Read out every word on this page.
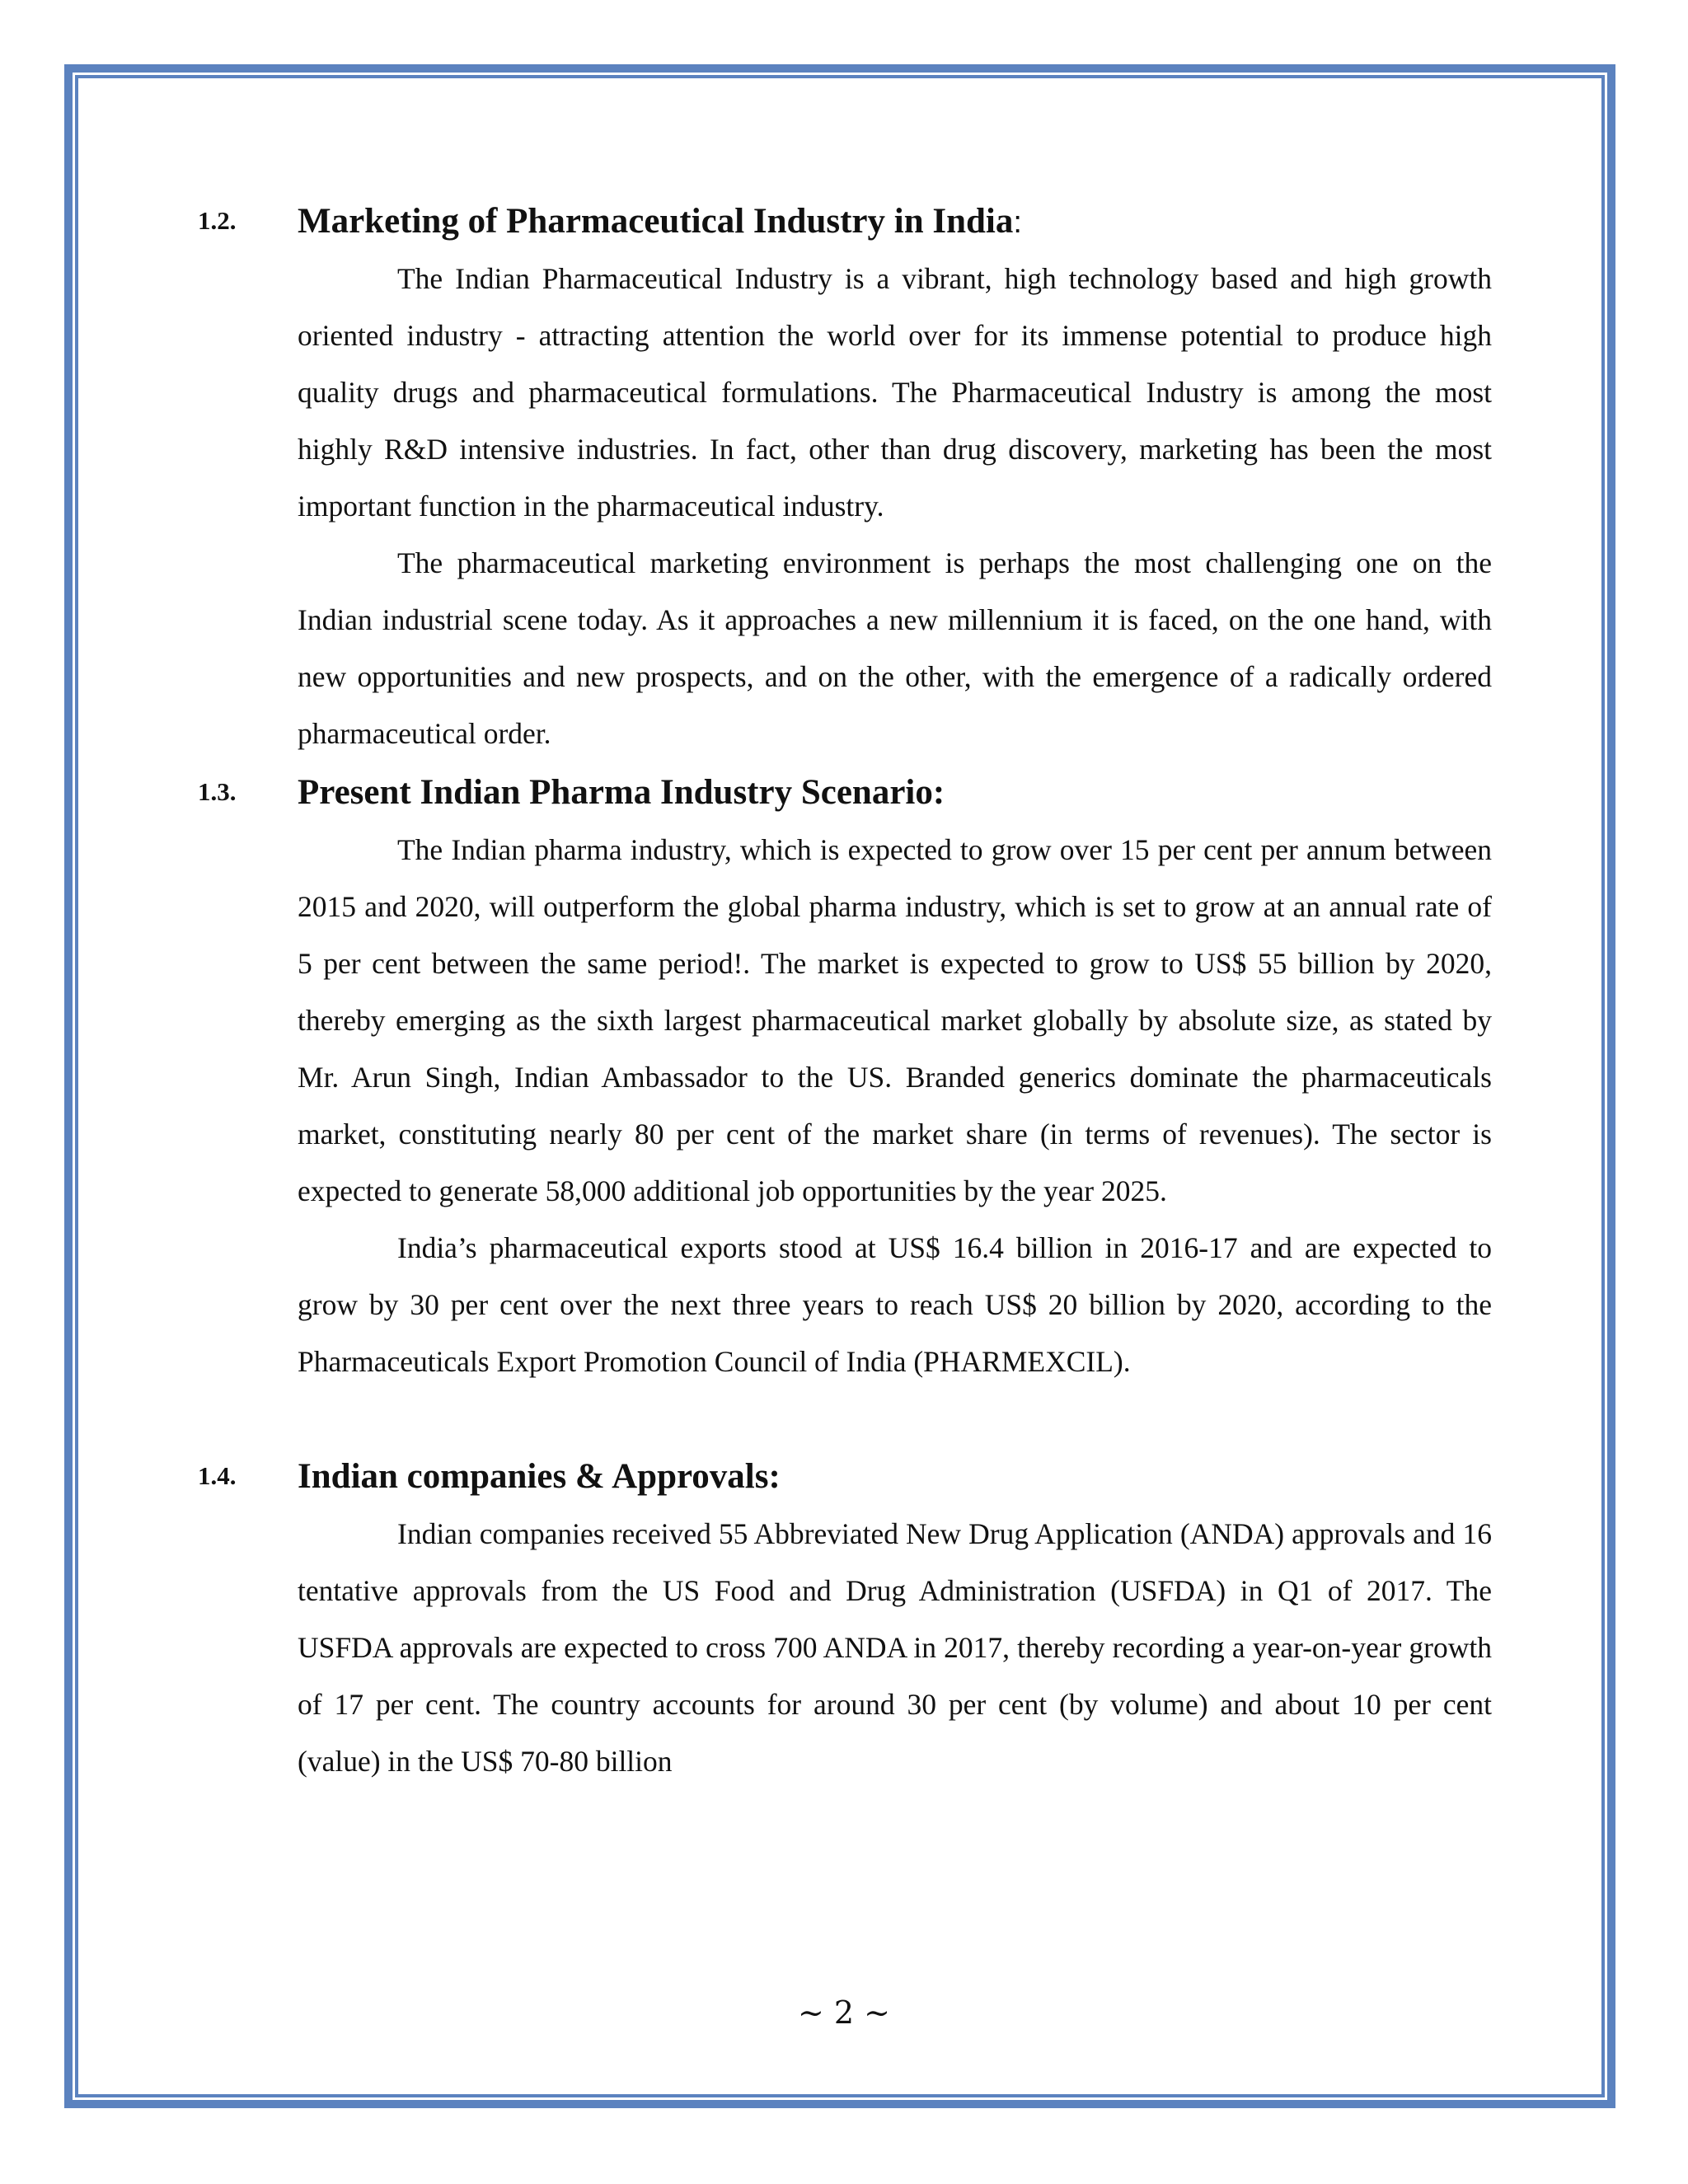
1.2.	Marketing of Pharmaceutical Industry in India:

The Indian Pharmaceutical Industry is a vibrant, high technology based and high growth oriented industry - attracting attention the world over for its immense potential to produce high quality drugs and pharmaceutical formulations. The Pharmaceutical Industry is among the most highly R&D intensive industries. In fact, other than drug discovery, marketing has been the most important function in the pharmaceutical industry.

The pharmaceutical marketing environment is perhaps the most challenging one on the Indian industrial scene today. As it approaches a new millennium it is faced, on the one hand, with new opportunities and new prospects, and on the other, with the emergence of a radically ordered pharmaceutical order.

1.3.	Present Indian Pharma Industry Scenario:

The Indian pharma industry, which is expected to grow over 15 per cent per annum between 2015 and 2020, will outperform the global pharma industry, which is set to grow at an annual rate of 5 per cent between the same period!. The market is expected to grow to US$ 55 billion by 2020, thereby emerging as the sixth largest pharmaceutical market globally by absolute size, as stated by Mr. Arun Singh, Indian Ambassador to the US. Branded generics dominate the pharmaceuticals market, constituting nearly 80 per cent of the market share (in terms of revenues). The sector is expected to generate 58,000 additional job opportunities by the year 2025.

India’s pharmaceutical exports stood at US$ 16.4 billion in 2016-17 and are expected to grow by 30 per cent over the next three years to reach US$ 20 billion by 2020, according to the Pharmaceuticals Export Promotion Council of India (PHARMEXCIL).

1.4.	Indian companies & Approvals:

Indian companies received 55 Abbreviated New Drug Application (ANDA) approvals and 16 tentative approvals from the US Food and Drug Administration (USFDA) in Q1 of 2017. The USFDA approvals are expected to cross 700 ANDA in 2017, thereby recording a year-on-year growth of 17 per cent. The country accounts for around 30 per cent (by volume) and about 10 per cent (value) in the US$ 70-80 billion

~ 2 ~
